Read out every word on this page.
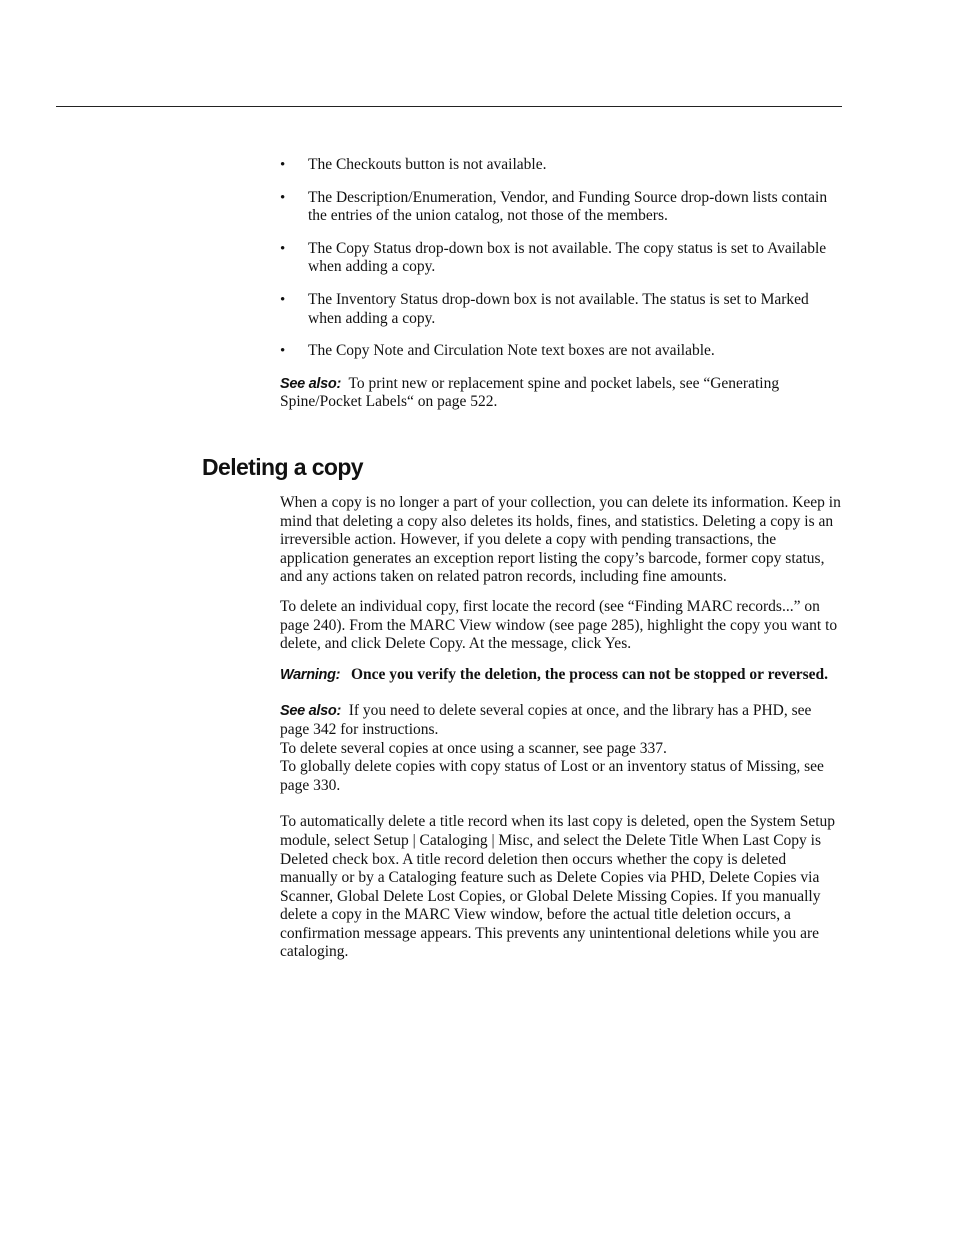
• The Checkouts button is not available.
• The Description/Enumeration, Vendor, and Funding Source drop-down lists contain the entries of the union catalog, not those of the members.
• The Copy Status drop-down box is not available. The copy status is set to Available when adding a copy.
• The Inventory Status drop-down box is not available. The status is set to Marked when adding a copy.
• The Copy Note and Circulation Note text boxes are not available.

See also: To print new or replacement spine and pocket labels, see “Generating Spine/Pocket Labels“ on page 522.

Deleting a copy

When a copy is no longer a part of your collection, you can delete its information. Keep in mind that deleting a copy also deletes its holds, fines, and statistics. Deleting a copy is an irreversible action. However, if you delete a copy with pending transactions, the application generates an exception report listing the copy’s barcode, former copy status, and any actions taken on related patron records, including fine amounts.

To delete an individual copy, first locate the record (see “Finding MARC records...” on page 240). From the MARC View window (see page 285), highlight the copy you want to delete, and click Delete Copy. At the message, click Yes.

Warning: Once you verify the deletion, the process can not be stopped or reversed.
See also: If you need to delete several copies at once, and the library has a PHD, see page 342 for instructions.
To delete several copies at once using a scanner, see page 337.
To globally delete copies with copy status of Lost or an inventory status of Missing, see page 330.

To automatically delete a title record when its last copy is deleted, open the System Setup module, select Setup | Cataloging | Misc, and select the Delete Title When Last Copy is Deleted check box. A title record deletion then occurs whether the copy is deleted manually or by a Cataloging feature such as Delete Copies via PHD, Delete Copies via Scanner, Global Delete Lost Copies, or Global Delete Missing Copies. If you manually delete a copy in the MARC View window, before the actual title deletion occurs, a confirmation message appears. This prevents any unintentional deletions while you are cataloging.
